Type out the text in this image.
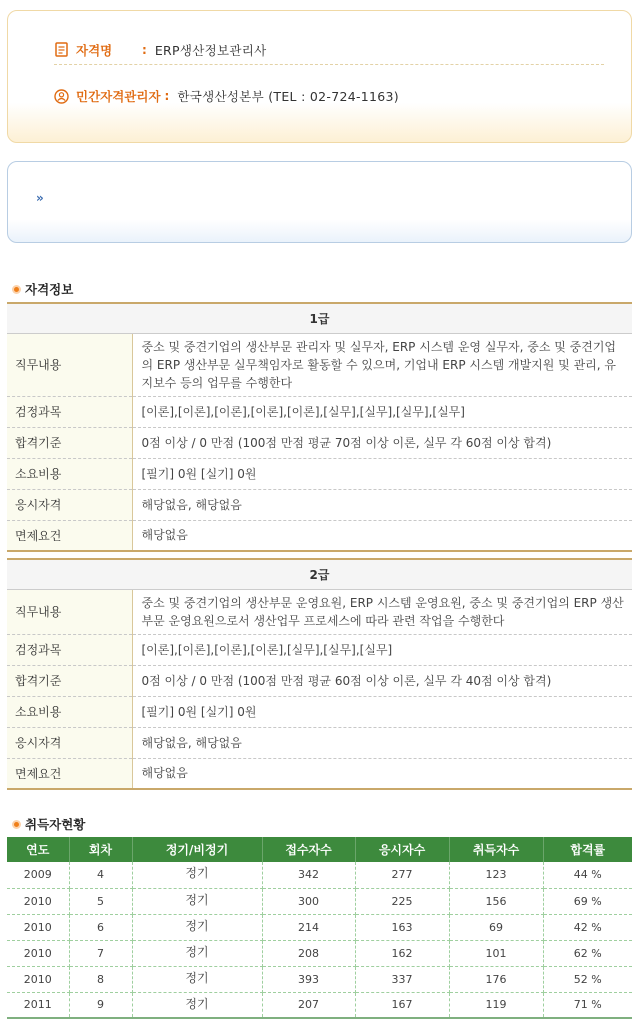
자격명	: ERP생산정보관리사
민간자격관리자 : 한국생산성본부 (TEL : 02-724-1163)
»
자격정보
1급	
직무내용	중소 및 중견기업의 생산부문 관리자 및 실무자, ERP 시스템 운영 실무자, 중소 및 중견기업의 ERP 생산부문 실무책임자로 활동할 수 있으며, 기업내 ERP 시스템 개발지원 및 관리, 유지보수 등의 업무를 수행한다
검정과목	[이론],[이론],[이론],[이론],[이론],[실무],[실무],[실무],[실무]
합격기준	0점 이상 / 0 만점 (100점 만점 평균 70점 이상 이론, 실무 각 60점 이상 합격)
소요비용	[필기] 0원 [실기] 0원
응시자격	해당없음, 해당없음
면제요건	해당없음
2급	
직무내용	중소 및 중견기업의 생산부문 운영요원, ERP 시스템 운영요원, 중소 및 중견기업의 ERP 생산부문 운영요원으로서 생산업무 프로세스에 따라 관련 작업을 수행한다
검정과목	[이론],[이론],[이론],[이론],[실무],[실무],[실무]
합격기준	0점 이상 / 0 만점 (100점 만점 평균 60점 이상 이론, 실무 각 40점 이상 합격)
소요비용	[필기] 0원 [실기] 0원
응시자격	해당없음, 해당없음
면제요건	해당없음
취득자현황
연도	회차	정기/비정기	접수자수	응시자수	취득자수	합격률
2009	4	정기	342	277	123	44 %
2010	5	정기	300	225	156	69 %
2010	6	정기	214	163	69	42 %
2010	7	정기	208	162	101	62 %
2010	8	정기	393	337	176	52 %
2011	9	정기	207	167	119	71 %
